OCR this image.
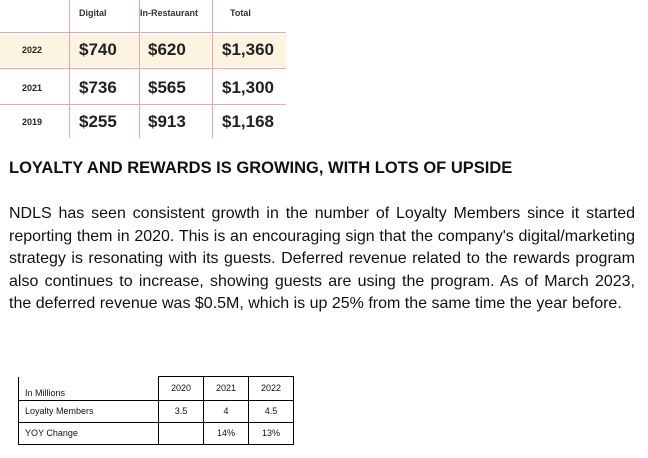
Digital	In-Restaurant	Total
2022 $740 $620 $1,360
2021 $736 $565 $1,300
2019 $255 $913 $1,168
LOYALTY AND REWARDS IS GROWING, WITH LOTS OF UPSIDE
NDLS has seen consistent growth in the number of Loyalty Members since it started reporting them in 2020. This is an encouraging sign that the company's digital/marketing strategy is resonating with its guests. Deferred revenue related to the rewards program also continues to increase, showing guests are using the program. As of March 2023, the deferred revenue was $0.5M, which is up 25% from the same time the year before.
In Millions	2020	2021	2022
Loyalty Members	3.5	4	4.5
YOY Change		14%	13%
